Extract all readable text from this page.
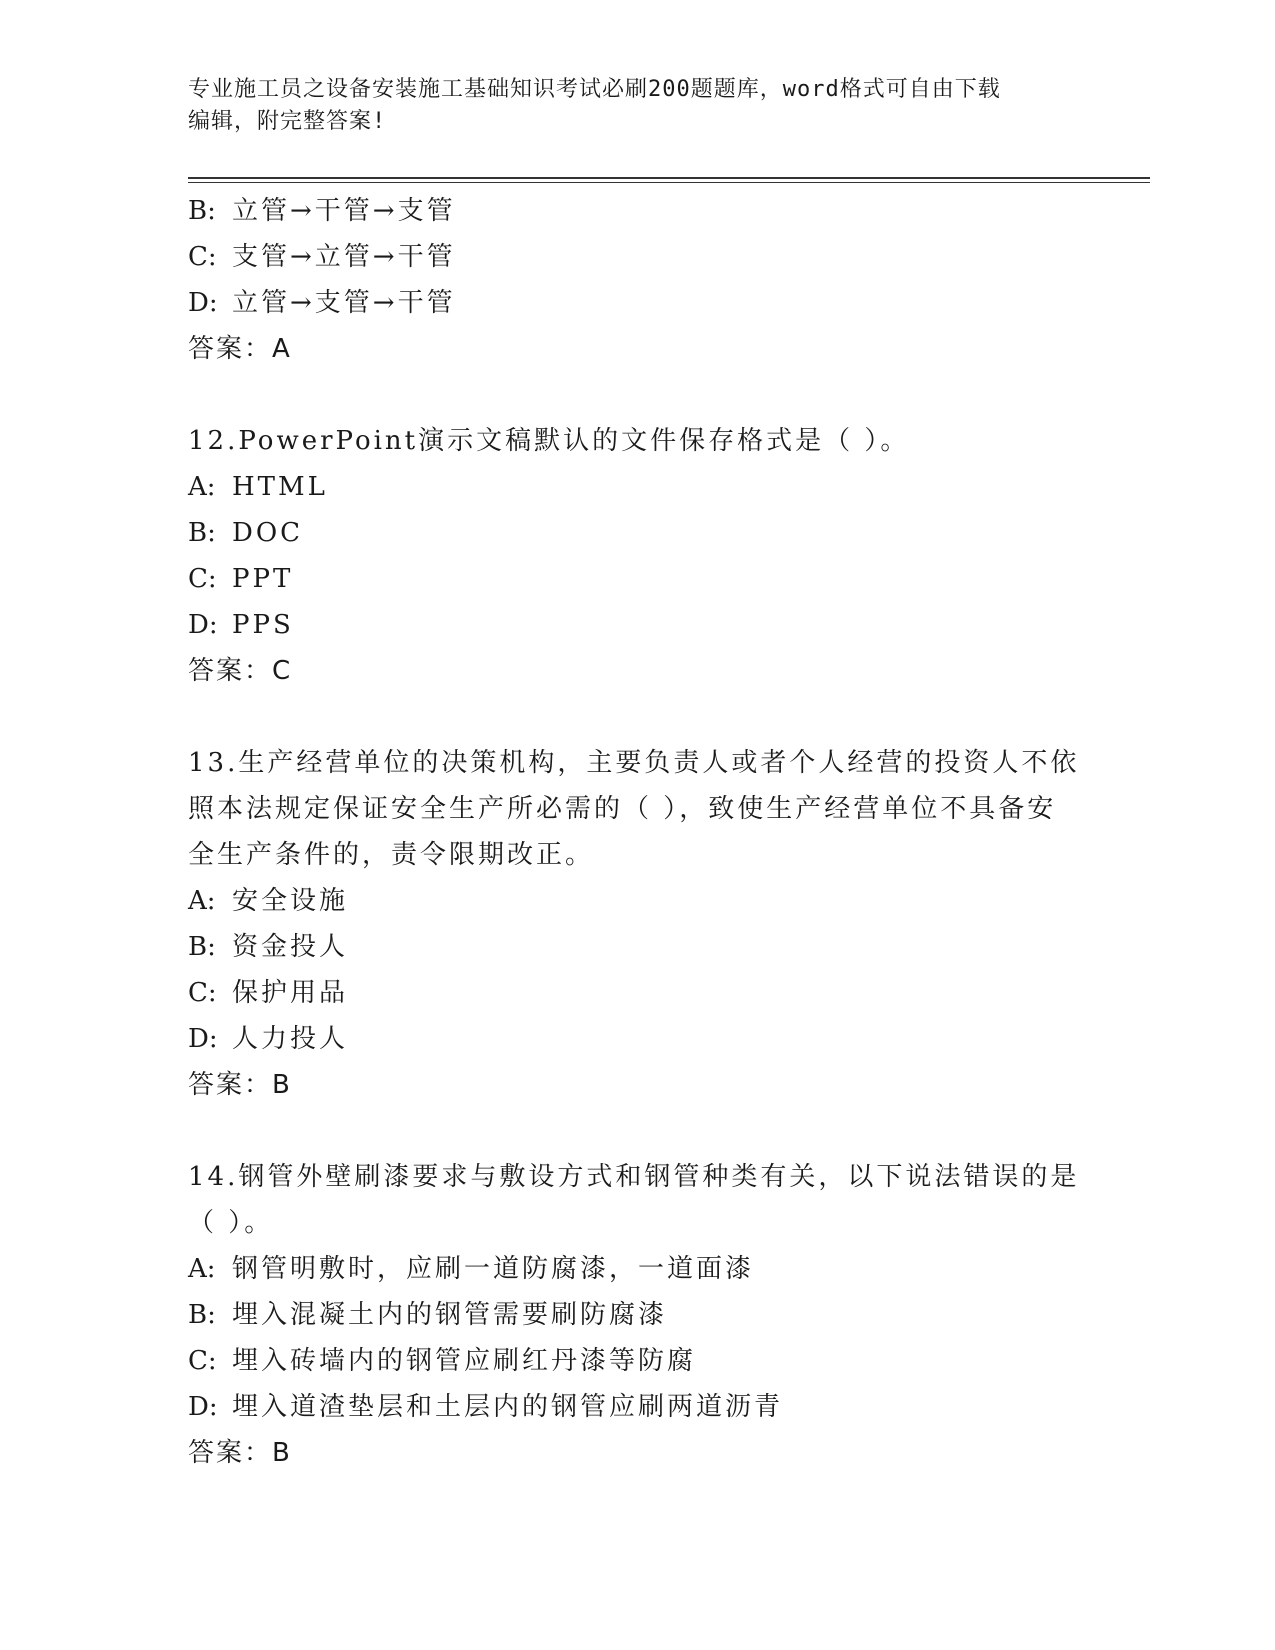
专业施工员之设备安装施工基础知识考试必刷200题题库，word格式可自由下载
编辑，附完整答案!
B: 立管→干管→支管
C: 支管→立管→干管
D: 立管→支管→干管
答案：A
12.PowerPoint演示文稿默认的文件保存格式是（ ）。
A: HTML
B: DOC
C: PPT
D: PPS
答案：C
13.生产经营单位的决策机构，主要负责人或者个人经营的投资人不依
照本法规定保证安全生产所必需的（ ），致使生产经营单位不具备安
全生产条件的，责令限期改正。
A: 安全设施
B: 资金投人
C: 保护用品
D: 人力投人
答案：B
14.钢管外壁刷漆要求与敷设方式和钢管种类有关，以下说法错误的是
（ ）。
A: 钢管明敷时，应刷一道防腐漆，一道面漆
B: 埋入混凝土内的钢管需要刷防腐漆
C: 埋入砖墙内的钢管应刷红丹漆等防腐
D: 埋入道渣垫层和土层内的钢管应刷两道沥青
答案：B
